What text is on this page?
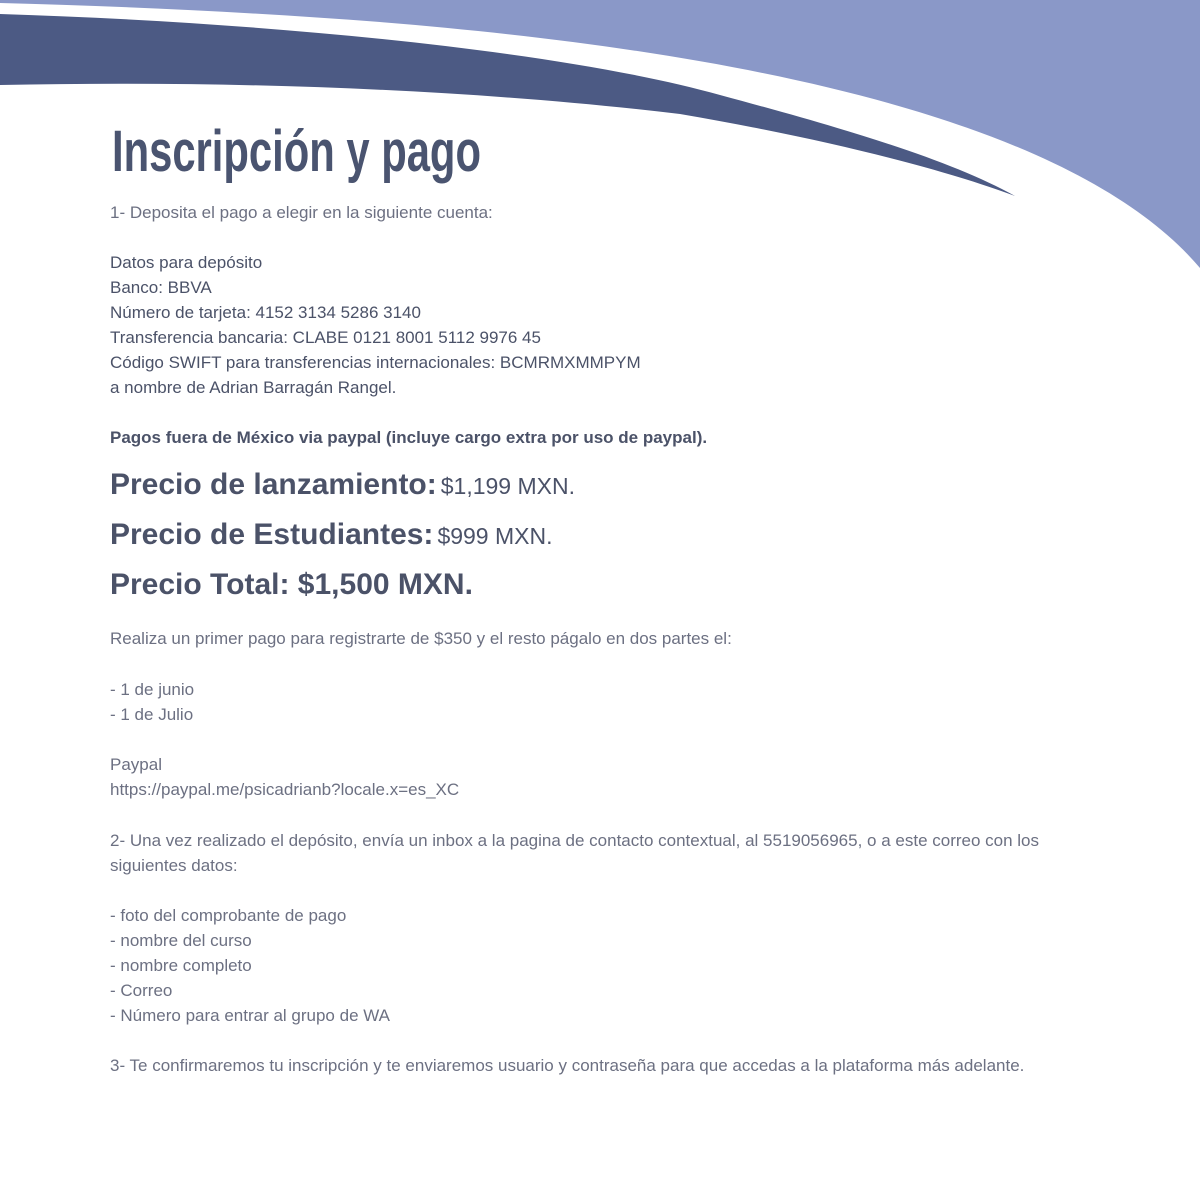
Inscripción y pago
1- Deposita el pago a elegir en la siguiente cuenta:
Datos para depósito
Banco: BBVA
Número de tarjeta: 4152 3134 5286 3140
Transferencia bancaria: CLABE 0121 8001 5112 9976 45
Código SWIFT para transferencias internacionales: BCMRMXMMPYM
a nombre de Adrian Barragán Rangel.
Pagos fuera de México via paypal (incluye cargo extra por uso de paypal).
Precio de lanzamiento: $1,199 MXN.
Precio de Estudiantes: $999 MXN.
Precio Total: $1,500 MXN.
Realiza un primer pago para registrarte de $350 y el resto págalo en dos partes el:
- 1 de junio
- 1 de Julio
Paypal
https://paypal.me/psicadrianb?locale.x=es_XC
2- Una vez realizado el depósito, envía un inbox a la pagina de contacto contextual, al 5519056965, o a este correo con los
siguientes datos:
- foto del comprobante de pago
- nombre del curso
- nombre completo
- Correo
- Número para entrar al grupo de WA
3- Te confirmaremos tu inscripción y te enviaremos usuario y contraseña para que accedas a la plataforma más adelante.
